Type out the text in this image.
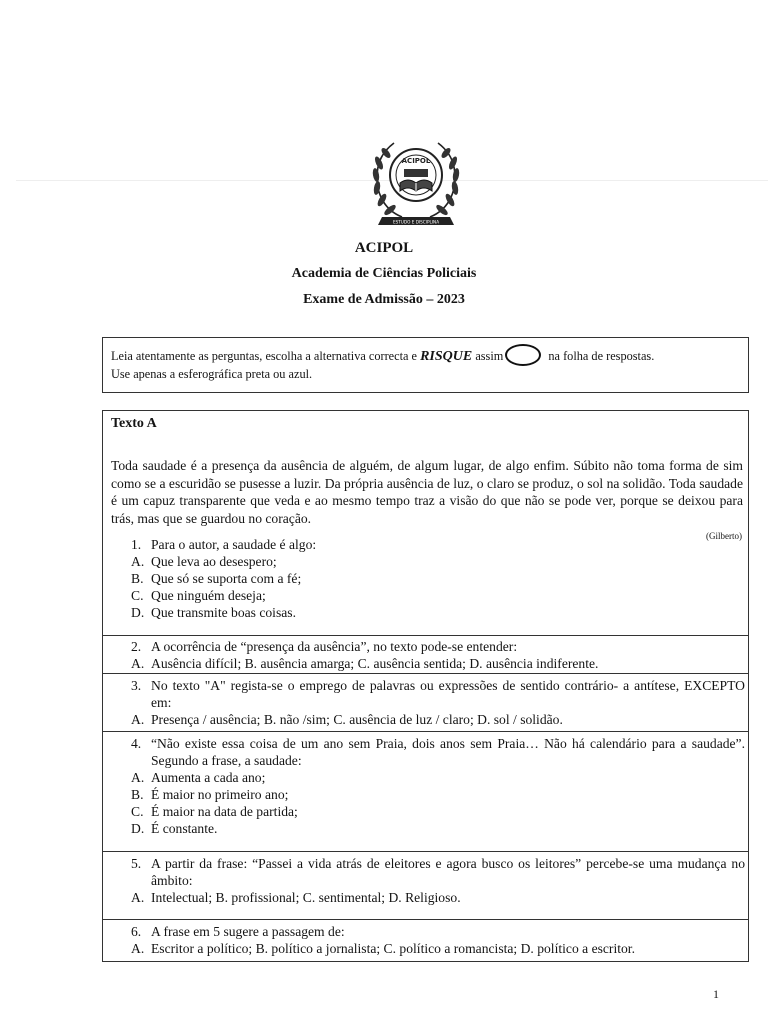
ACIPOL
ESTUDO E DISCIPLINA
ACIPOL
Academia de Ciências Policiais
Exame de Admissão – 2023
Leia atentamente as perguntas, escolha a alternativa correcta e RISQUE assim	na folha de respostas.
Use apenas a esferográfica preta ou azul.
Texto A
Toda saudade é a presença da ausência de alguém, de algum lugar, de algo enfim. Súbito não toma forma de sim como se a escuridão se pusesse a luzir. Da própria ausência de luz, o claro se produz, o sol na solidão. Toda saudade é um capuz transparente que veda e ao mesmo tempo traz a visão do que não se pode ver, porque se deixou para trás, mas que se guardou no coração.
(Gilberto)
1. Para o autor, a saudade é algo:
A. Que leva ao desespero;
B. Que só se suporta com a fé;
C. Que ninguém deseja;
D. Que transmite boas coisas.
2. A ocorrência de “presença da ausência”, no texto pode-se entender:
A. Ausência difícil; B. ausência amarga; C. ausência sentida; D. ausência indiferente.
3. No texto "A" regista-se o emprego de palavras ou expressões de sentido contrário- a antítese, EXCEPTO em:
A. Presença / ausência; B. não /sim; C. ausência de luz / claro; D. sol / solidão.
4. “Não existe essa coisa de um ano sem Praia, dois anos sem Praia… Não há calendário para a saudade”. Segundo a frase, a saudade:
A. Aumenta a cada ano;
B. É maior no primeiro ano;
C. É maior na data de partida;
D. É constante.
5. A partir da frase: “Passei a vida atrás de eleitores e agora busco os leitores” percebe-se uma mudança no âmbito:
A. Intelectual; B. profissional; C. sentimental; D. Religioso.
6. A frase em 5 sugere a passagem de:
A. Escritor a político; B. político a jornalista; C. político a romancista; D. político a escritor.
1
